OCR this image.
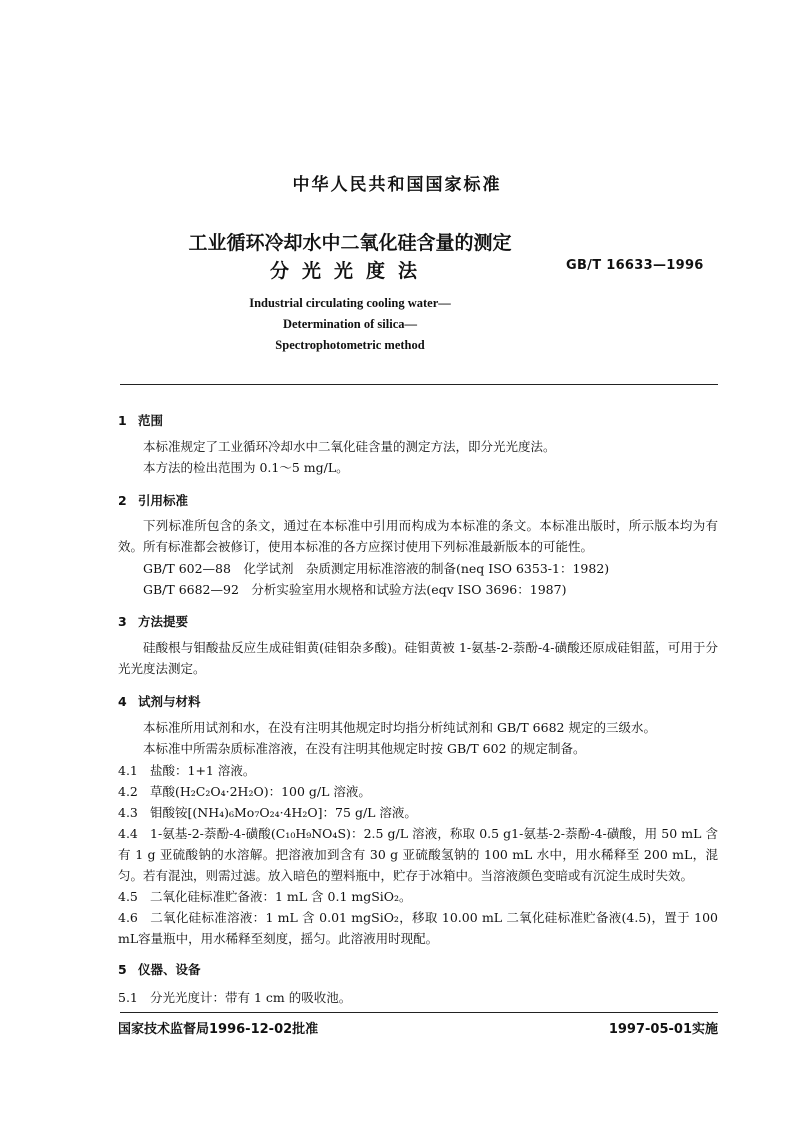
中华人民共和国国家标准
工业循环冷却水中二氧化硅含量的测定
分光光度法	GB/T 16633—1996
Industrial circulating cooling water—
Determination of silica—
Spectrophotometric method
1 范围
本标准规定了工业循环冷却水中二氧化硅含量的测定方法，即分光光度法。
本方法的检出范围为 0.1～5 mg/L。
2 引用标准
下列标准所包含的条文，通过在本标准中引用而构成为本标准的条文。本标准出版时，所示版本均为有效。所有标准都会被修订，使用本标准的各方应探讨使用下列标准最新版本的可能性。
GB/T 602—88　化学试剂　杂质测定用标准溶液的制备(neq ISO 6353-1：1982)
GB/T 6682—92　分析实验室用水规格和试验方法(eqv ISO 3696：1987)
3 方法提要
硅酸根与钼酸盐反应生成硅钼黄(硅钼杂多酸)。硅钼黄被 1-氨基-2-萘酚-4-磺酸还原成硅钼蓝，可用于分光光度法测定。
4 试剂与材料
本标准所用试剂和水，在没有注明其他规定时均指分析纯试剂和 GB/T 6682 规定的三级水。
本标准中所需杂质标准溶液，在没有注明其他规定时按 GB/T 602 的规定制备。
4.1 盐酸：1+1 溶液。
4.2 草酸(H₂C₂O₄·2H₂O)：100 g/L 溶液。
4.3 钼酸铵[(NH₄)₆Mo₇O₂₄·4H₂O]：75 g/L 溶液。
4.4 1-氨基-2-萘酚-4-磺酸(C₁₀H₉NO₄S)：2.5 g/L 溶液，称取 0.5 g1-氨基-2-萘酚-4-磺酸，用 50 mL 含有 1 g 亚硫酸钠的水溶解。把溶液加到含有 30 g 亚硫酸氢钠的 100 mL 水中，用水稀释至 200 mL，混匀。若有混浊，则需过滤。放入暗色的塑料瓶中，贮存于冰箱中。当溶液颜色变暗或有沉淀生成时失效。
4.5 二氧化硅标准贮备液：1 mL 含 0.1 mgSiO₂。
4.6 二氧化硅标准溶液：1 mL 含 0.01 mgSiO₂，移取 10.00 mL 二氧化硅标准贮备液(4.5)，置于 100 mL容量瓶中，用水稀释至刻度，摇匀。此溶液用时现配。
5 仪器、设备
5.1 分光光度计：带有 1 cm 的吸收池。
国家技术监督局1996-12-02批准	1997-05-01实施
